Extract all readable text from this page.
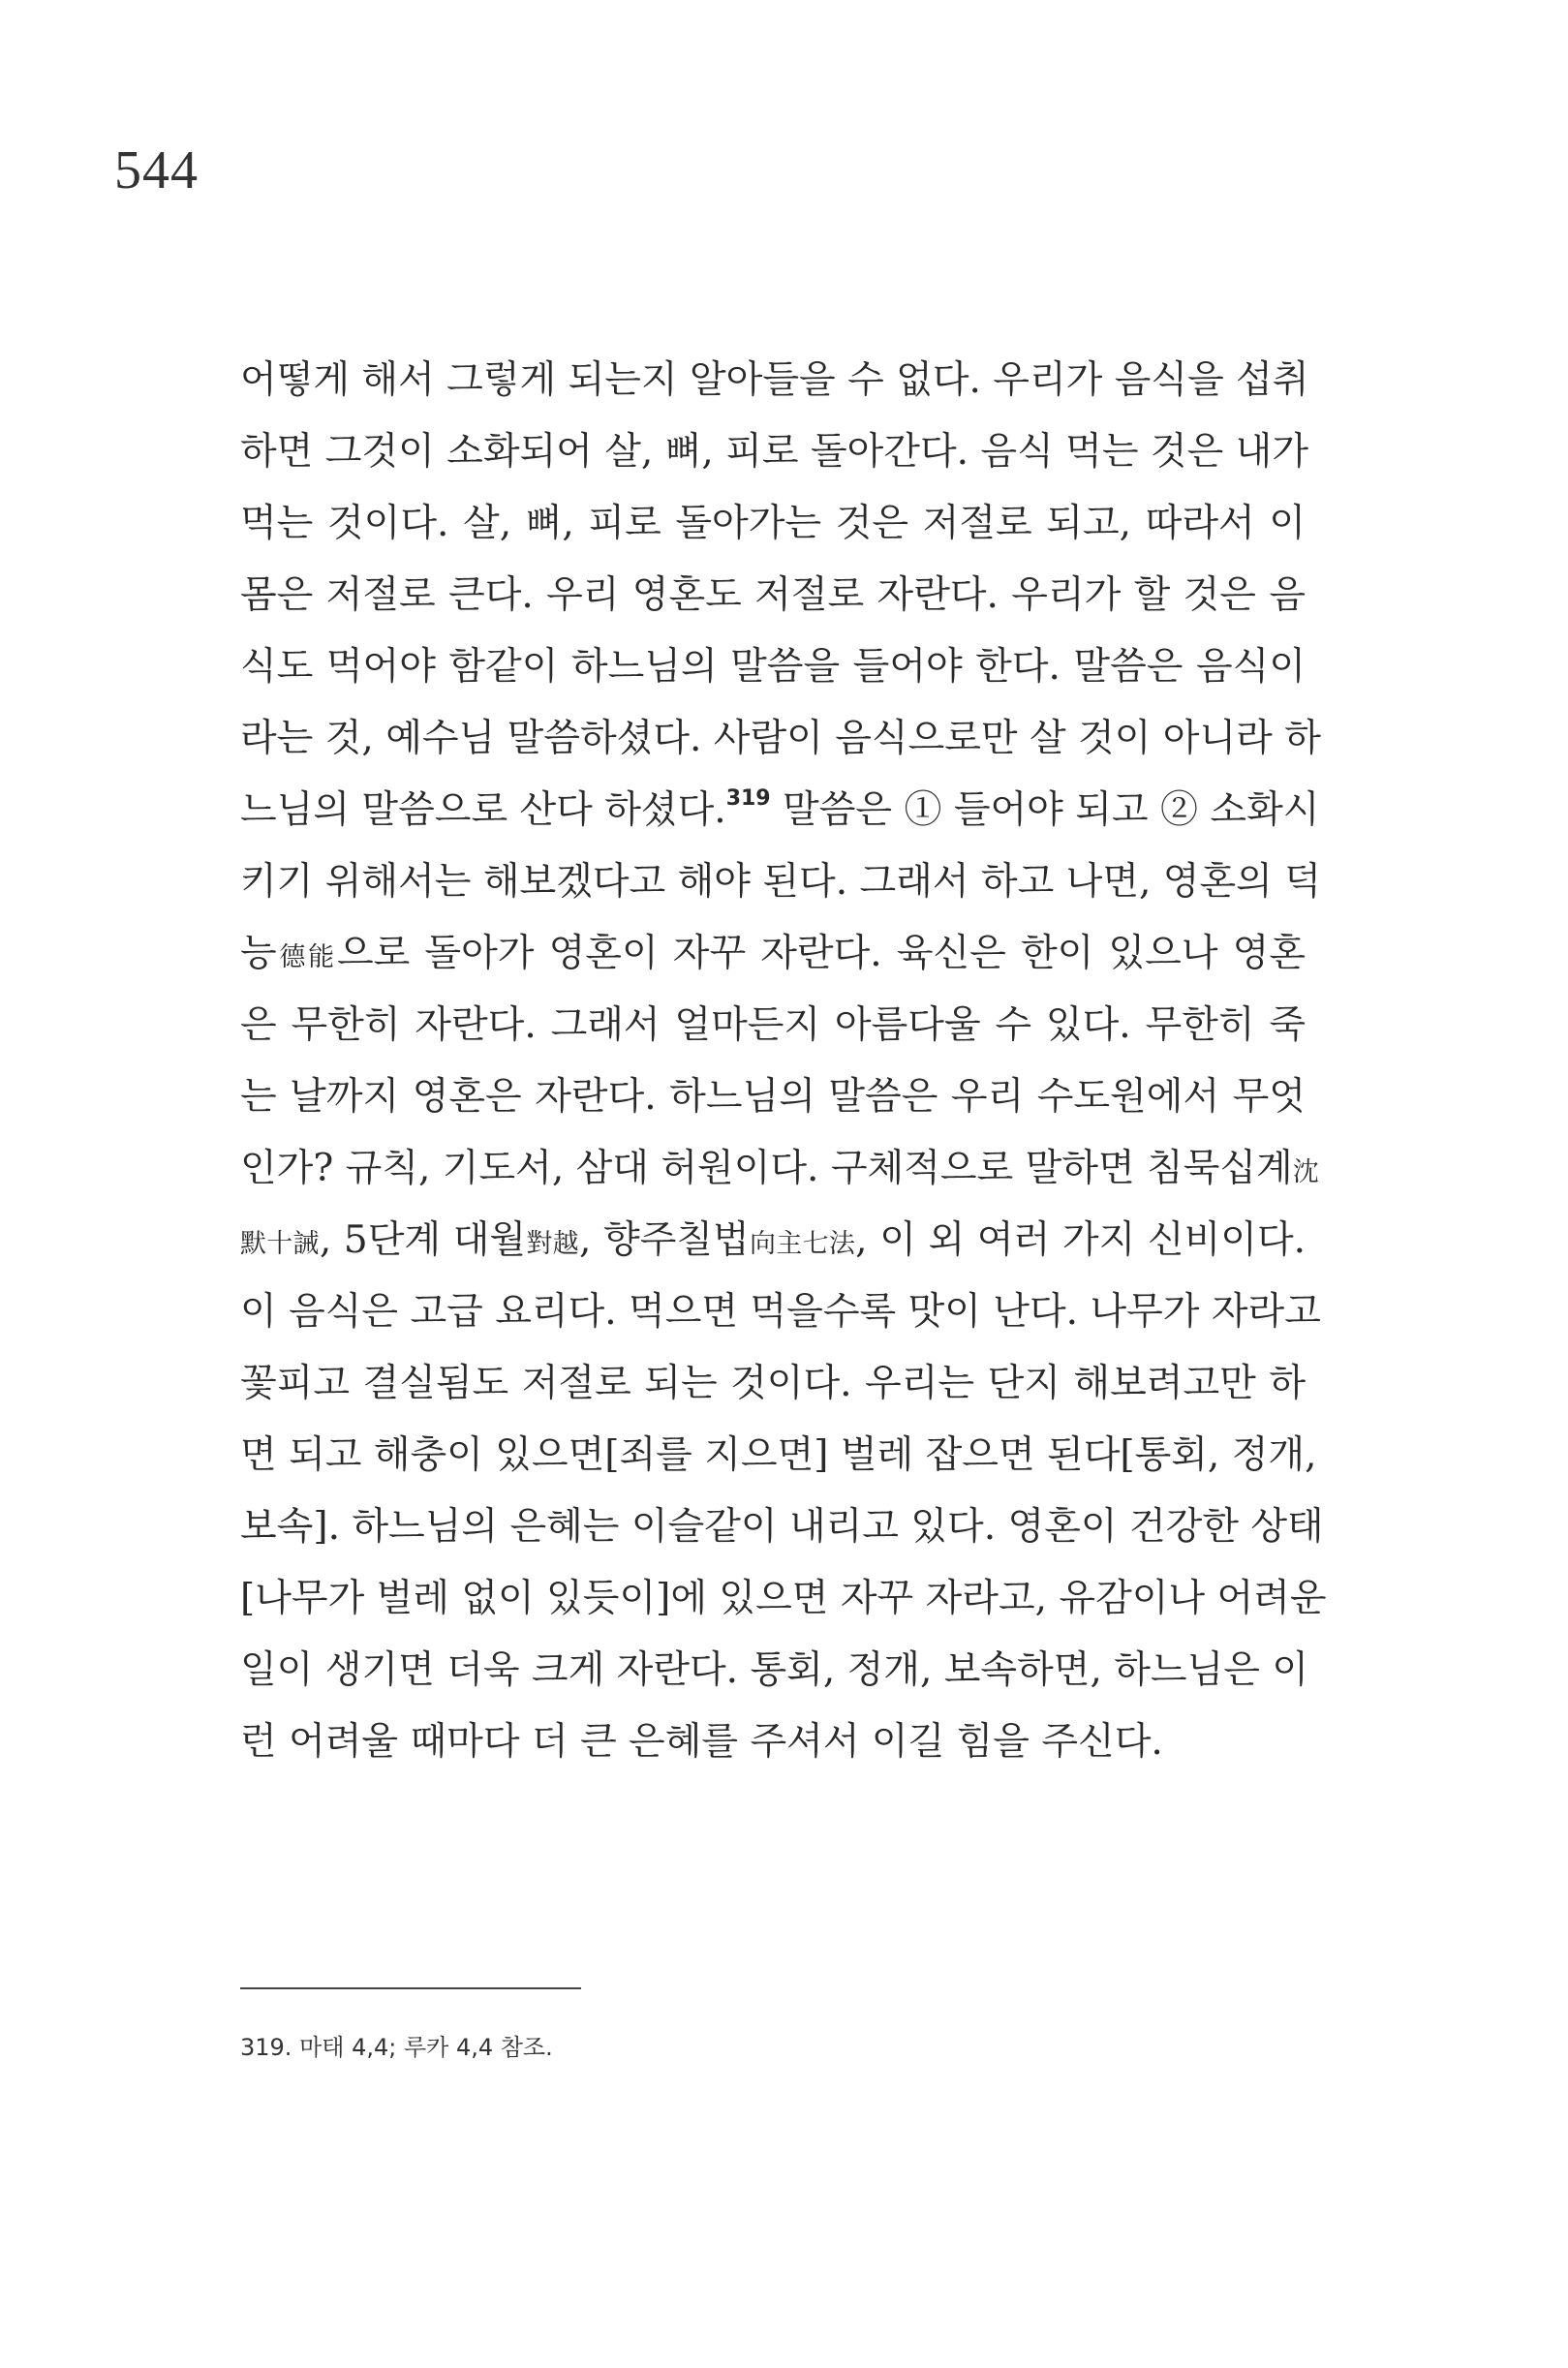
544
어떻게 해서 그렇게 되는지 알아들을 수 없다. 우리가 음식을 섭취
하면 그것이 소화되어 살, 뼈, 피로 돌아간다. 음식 먹는 것은 내가
먹는 것이다. 살, 뼈, 피로 돌아가는 것은 저절로 되고, 따라서 이
몸은 저절로 큰다. 우리 영혼도 저절로 자란다. 우리가 할 것은 음
식도 먹어야 함같이 하느님의 말씀을 들어야 한다. 말씀은 음식이
라는 것, 예수님 말씀하셨다. 사람이 음식으로만 살 것이 아니라 하
느님의 말씀으로 산다 하셨다.$^{319}$ 말씀은 ① 들어야 되고 ② 소화시
키기 위해서는 해보겠다고 해야 된다. 그래서 하고 나면, 영혼의 덕
능德能으로 돌아가 영혼이 자꾸 자란다. 육신은 한이 있으나 영혼
은 무한히 자란다. 그래서 얼마든지 아름다울 수 있다. 무한히 죽
는 날까지 영혼은 자란다. 하느님의 말씀은 우리 수도원에서 무엇
인가? 규칙, 기도서, 삼대 허원이다. 구체적으로 말하면 침묵십계沈
默十誡, 5단계 대월對越, 향주칠법向主七法, 이 외 여러 가지 신비이다.
이 음식은 고급 요리다. 먹으면 먹을수록 맛이 난다. 나무가 자라고
꽃피고 결실됨도 저절로 되는 것이다. 우리는 단지 해보려고만 하
면 되고 해충이 있으면[죄를 지으면] 벌레 잡으면 된다[통회, 정개,
보속]. 하느님의 은혜는 이슬같이 내리고 있다. 영혼이 건강한 상태
[나무가 벌레 없이 있듯이]에 있으면 자꾸 자라고, 유감이나 어려운
일이 생기면 더욱 크게 자란다. 통회, 정개, 보속하면, 하느님은 이
런 어려울 때마다 더 큰 은혜를 주셔서 이길 힘을 주신다.
319. 마태 4,4; 루카 4,4 참조.
